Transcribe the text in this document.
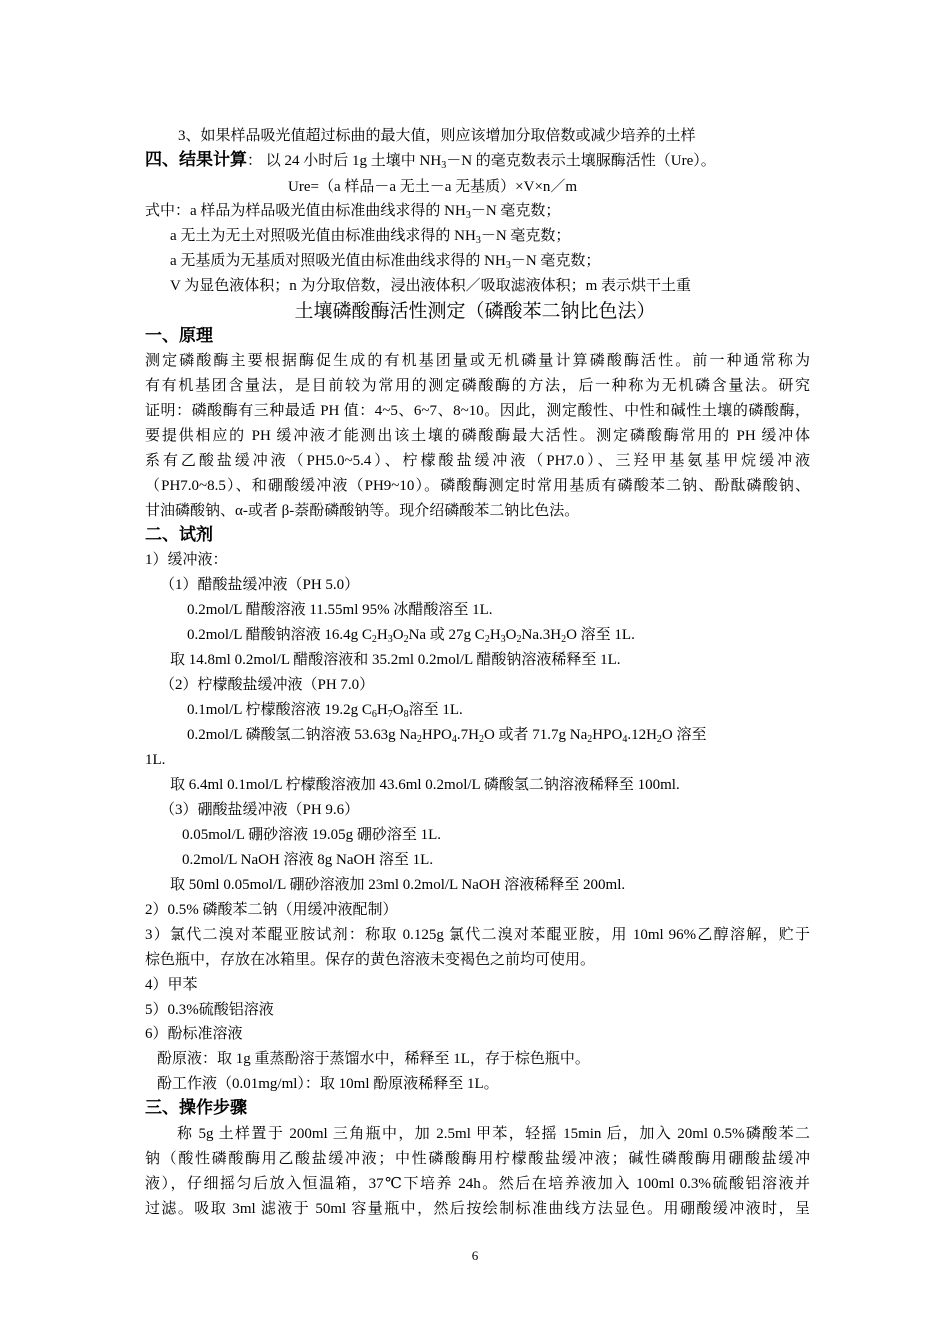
3、如果样品吸光值超过标曲的最大值，则应该增加分取倍数或减少培养的土样
四、结果计算： 以 24 小时后 1g 土壤中 $NH_3-N$ 的毫克数表示土壤脲酶活性（Ure）。
Ure=（a 样品－a 无土－a 无基质）×V×n／m
式中：a 样品为样品吸光值由标准曲线求得的 $NH_3-N$ 毫克数；
a 无土为无土对照吸光值由标准曲线求得的 $NH_3-N$ 毫克数；
a 无基质为无基质对照吸光值由标准曲线求得的 $NH_3-N$ 毫克数；
V 为显色液体积；n 为分取倍数，浸出液体积／吸取滤液体积；m 表示烘干土重
土壤磷酸酶活性测定（磷酸苯二钠比色法）
一、原理
测定磷酸酶主要根据酶促生成的有机基团量或无机磷量计算磷酸酶活性。前一种通常称为
有有机基团含量法，是目前较为常用的测定磷酸酶的方法，后一种称为无机磷含量法。研究
证明：磷酸酶有三种最适 PH 值：4~5、6~7、8~10。因此，测定酸性、中性和碱性土壤的磷酸酶，
要提供相应的 PH 缓冲液才能测出该土壤的磷酸酶最大活性。测定磷酸酶常用的 PH 缓冲体
系有乙酸盐缓冲液（PH5.0~5.4）、柠檬酸盐缓冲液（PH7.0）、三羟甲基氨基甲烷缓冲液
（PH7.0~8.5）、和硼酸缓冲液（PH9~10）。磷酸酶测定时常用基质有磷酸苯二钠、酚酞磷酸钠、
甘油磷酸钠、α-或者 β-萘酚磷酸钠等。现介绍磷酸苯二钠比色法。
二、试剂
1）缓冲液：
（1）醋酸盐缓冲液（PH 5.0）
0.2mol/L 醋酸溶液 11.55ml 95% 冰醋酸溶至 1L.
0.2mol/L 醋酸钠溶液 16.4g $C_2H_3O_2Na$ 或 27g $C_2H_3O_2Na.3H_2O$ 溶至 1L.
取 14.8ml 0.2mol/L 醋酸溶液和 35.2ml 0.2mol/L 醋酸钠溶液稀释至 1L.
（2）柠檬酸盐缓冲液（PH 7.0）
0.1mol/L 柠檬酸溶液 19.2g $C_6H_7O_8$溶至 1L.
0.2mol/L 磷酸氢二钠溶液 53.63g $Na_2HPO_4.7H_2O$ 或者 71.7g $Na_2HPO_4.12H_2O$ 溶至
1L.
取 6.4ml 0.1mol/L 柠檬酸溶液加 43.6ml 0.2mol/L 磷酸氢二钠溶液稀释至 100ml.
（3）硼酸盐缓冲液（PH 9.6）
0.05mol/L 硼砂溶液 19.05g 硼砂溶至 1L.
0.2mol/L NaOH 溶液 8g NaOH 溶至 1L.
取 50ml 0.05mol/L 硼砂溶液加 23ml 0.2mol/L NaOH 溶液稀释至 200ml.
2）0.5% 磷酸苯二钠（用缓冲液配制）
3）氯代二溴对苯醌亚胺试剂：称取 0.125g 氯代二溴对苯醌亚胺，用 10ml 96%乙醇溶解，贮于
棕色瓶中，存放在冰箱里。保存的黄色溶液未变褐色之前均可使用。
4）甲苯
5）0.3%硫酸铝溶液
6）酚标准溶液
酚原液：取 1g 重蒸酚溶于蒸馏水中，稀释至 1L，存于棕色瓶中。
酚工作液（0.01mg/ml）：取 10ml 酚原液稀释至 1L。
三、操作步骤
称 5g 土样置于 200ml 三角瓶中，加 2.5ml 甲苯，轻摇 15min 后，加入 20ml 0.5%磷酸苯二
钠（酸性磷酸酶用乙酸盐缓冲液；中性磷酸酶用柠檬酸盐缓冲液；碱性磷酸酶用硼酸盐缓冲
液），仔细摇匀后放入恒温箱，37℃下培养 24h。然后在培养液加入 100ml 0.3%硫酸铝溶液并
过滤。吸取 3ml 滤液于 50ml 容量瓶中，然后按绘制标准曲线方法显色。用硼酸缓冲液时，呈
6
